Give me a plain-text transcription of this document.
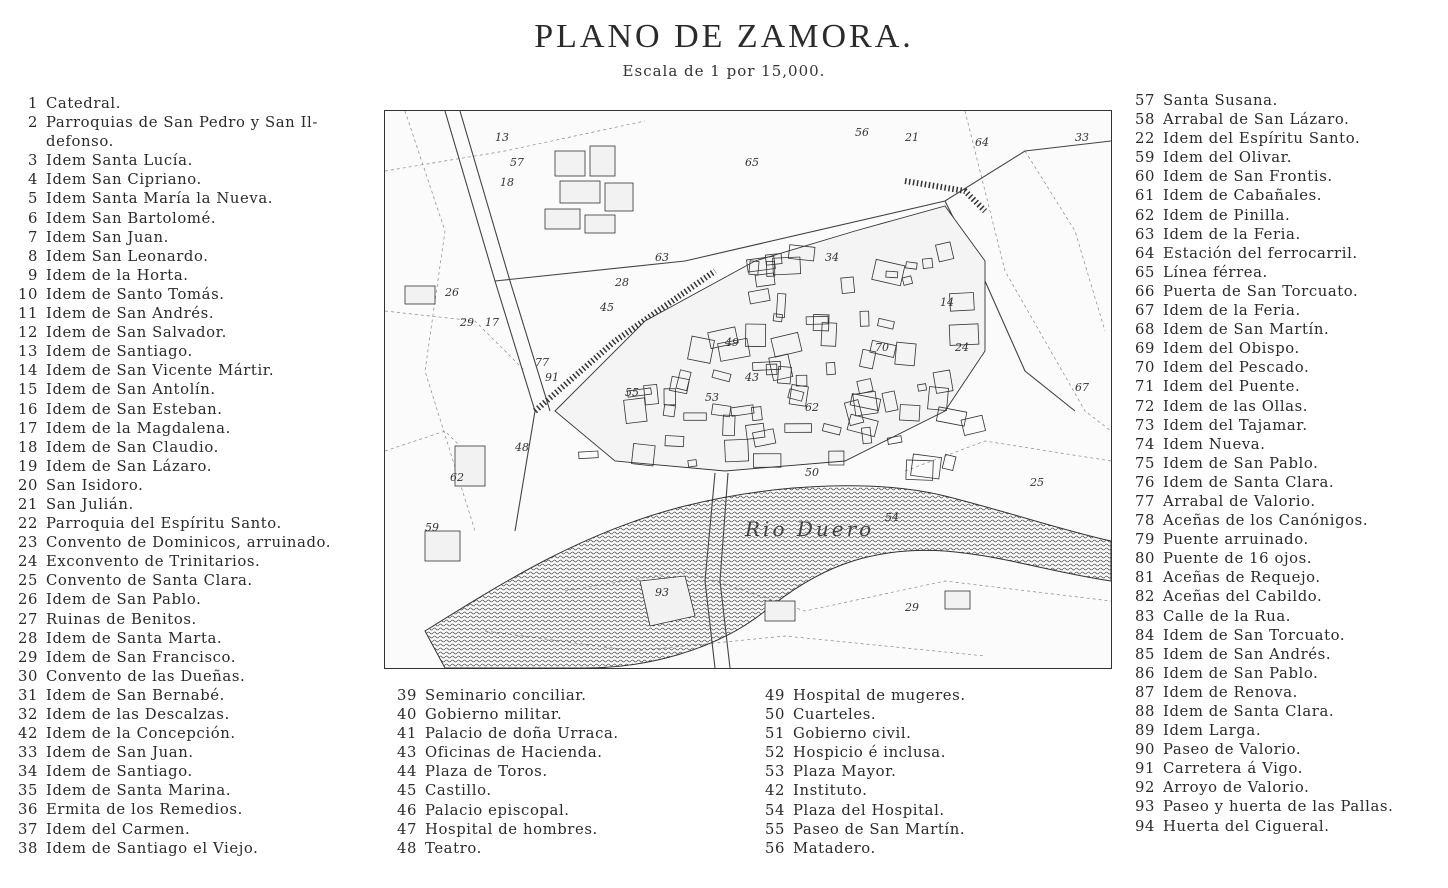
PLANO DE ZAMORA.
Escala de 1 por 15,000.
1 Catedral.
2 Parroquias de San Pedro y San Il-defonso.
3 Idem Santa Lucía.
4 Idem San Cipriano.
5 Idem Santa María la Nueva.
6 Idem San Bartolomé.
7 Idem San Juan.
8 Idem San Leonardo.
9 Idem de la Horta.
10 Idem de Santo Tomás.
11 Idem de San Andrés.
12 Idem de San Salvador.
13 Idem de Santiago.
14 Idem de San Vicente Mártir.
15 Idem de San Antolín.
16 Idem de San Esteban.
17 Idem de la Magdalena.
18 Idem de San Claudio.
19 Idem de San Lázaro.
20 San Isidoro.
21 San Julián.
22 Parroquia del Espíritu Santo.
23 Convento de Dominicos, arruinado.
24 Exconvento de Trinitarios.
25 Convento de Santa Clara.
26 Idem de San Pablo.
27 Ruinas de Benitos.
28 Idem de Santa Marta.
29 Idem de San Francisco.
30 Convento de las Dueñas.
31 Idem de San Bernabé.
32 Idem de las Descalzas.
42 Idem de la Concepción.
33 Idem de San Juan.
34 Idem de Santiago.
35 Idem de Santa Marina.
36 Ermita de los Remedios.
37 Idem del Carmen.
38 Idem de Santiago el Viejo.
39 Seminario conciliar.
40 Gobierno militar.
41 Palacio de doña Urraca.
43 Oficinas de Hacienda.
44 Plaza de Toros.
45 Castillo.
46 Palacio episcopal.
47 Hospital de hombres.
48 Teatro.
49 Hospital de mugeres.
50 Cuarteles.
51 Gobierno civil.
52 Hospicio é inclusa.
53 Plaza Mayor.
42 Instituto.
54 Plaza del Hospital.
55 Paseo de San Martín.
56 Matadero.
57 Santa Susana.
58 Arrabal de San Lázaro.
22 Idem del Espíritu Santo.
59 Idem del Olivar.
60 Idem de San Frontis.
61 Idem de Cabañales.
62 Idem de Pinilla.
63 Idem de la Feria.
64 Estación del ferrocarril.
65 Línea férrea.
66 Puerta de San Torcuato.
67 Idem de la Feria.
68 Idem de San Martín.
69 Idem del Obispo.
70 Idem del Pescado.
71 Idem del Puente.
72 Idem de las Ollas.
73 Idem del Tajamar.
74 Idem Nueva.
75 Idem de San Pablo.
76 Idem de Santa Clara.
77 Arrabal de Valorio.
78 Aceñas de los Canónigos.
79 Puente arruinado.
80 Puente de 16 ojos.
81 Aceñas de Requejo.
82 Aceñas del Cabildo.
83 Calle de la Rua.
84 Idem de San Torcuato.
85 Idem de San Andrés.
86 Idem de San Pablo.
87 Idem de Renova.
88 Idem de Santa Clara.
89 Idem Larga.
90 Paseo de Valorio.
91 Carretera á Vigo.
92 Arroyo de Valorio.
93 Paseo y huerta de las Pallas.
94 Huerta del Cigueral.
Rio Duero
13
57
18
63
65
56	21	64	33
14
24
26
29
28
34
49
45
62
70
77
55	53
43
59
67
54
50
48
25
93
29
62
17
91
